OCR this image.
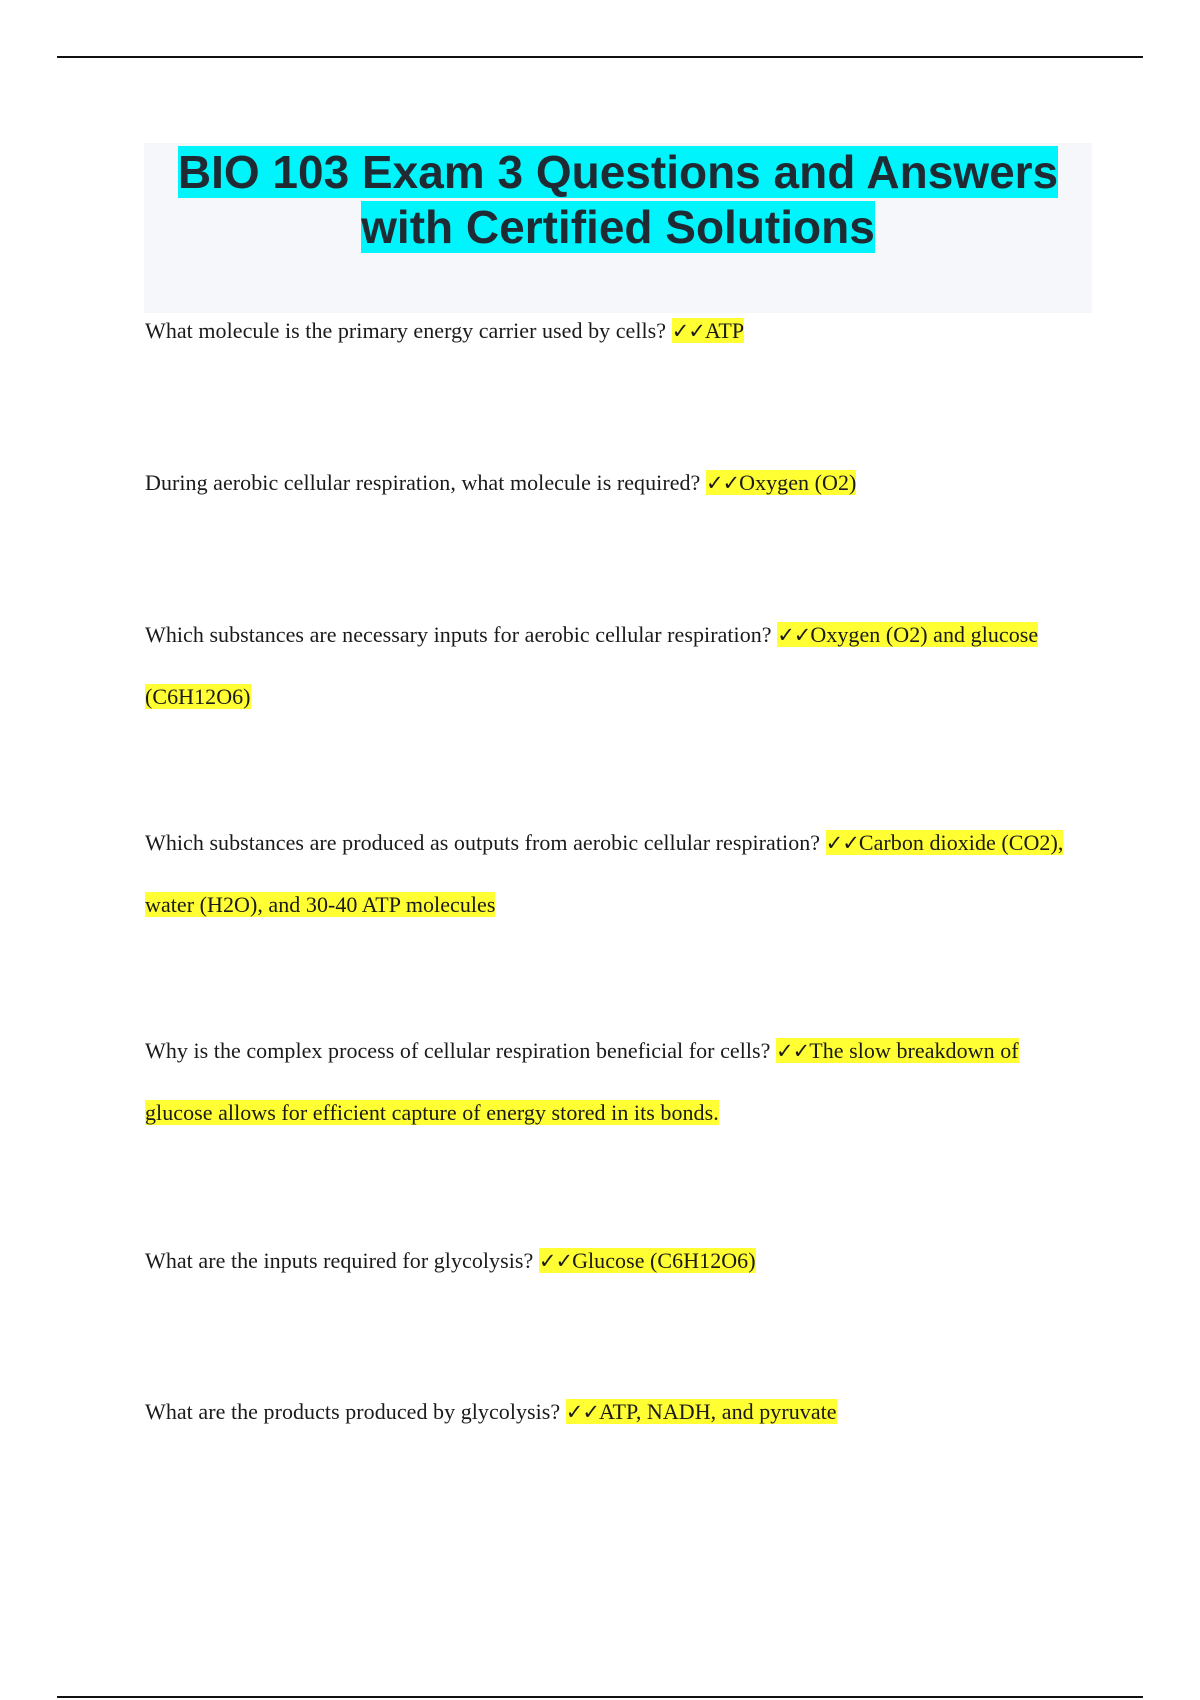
BIO 103 Exam 3 Questions and Answers
with Certified Solutions

What molecule is the primary energy carrier used by cells? ✓✓ATP

During aerobic cellular respiration, what molecule is required? ✓✓Oxygen (O2)

Which substances are necessary inputs for aerobic cellular respiration? ✓✓Oxygen (O2) and glucose (C6H12O6)

Which substances are produced as outputs from aerobic cellular respiration? ✓✓Carbon dioxide (CO2), water (H2O), and 30-40 ATP molecules

Why is the complex process of cellular respiration beneficial for cells? ✓✓The slow breakdown of glucose allows for efficient capture of energy stored in its bonds.

What are the inputs required for glycolysis? ✓✓Glucose (C6H12O6)

What are the products produced by glycolysis? ✓✓ATP, NADH, and pyruvate
